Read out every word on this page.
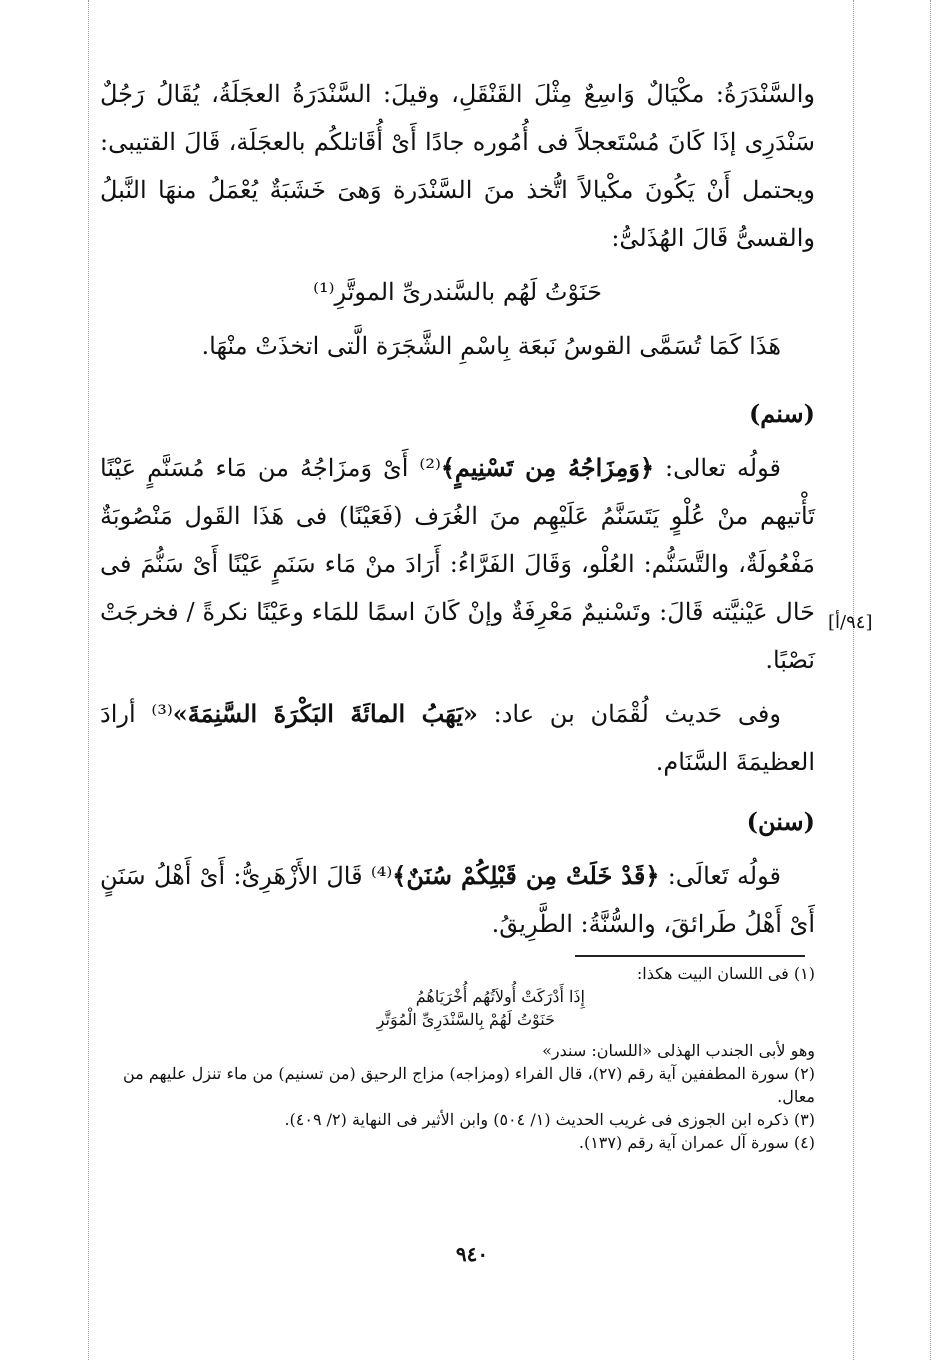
والسَّنْدَرَةُ: مكْيَالٌ وَاسِعٌ مِثْلَ القَنْقَلِ، وقيلَ: السَّنْدَرَةُ العجَلَةُ، يُقَالُ رَجُلٌ سَنْدَرِى إذَا كَانَ مُسْتَعجلاً فى أُمُوره جادًا أَىْ أُقَاتلكُم بالعجَلَة، قَالَ القتيبى: ويحتمل أَنْ يَكُونَ مكْيالاً اتُّخذ منَ السَّنْدَرة وَهىَ خَشَبَةٌ يُعْمَلُ منهَا النَّبلُ والقسىُّ قَالَ الهُذَلىُّ:

حَنَوْتُ لَهُم بالسَّندرىِّ الموتَّرِ⁽¹⁾

هَذَا كَمَا تُسَمَّى القوسُ نَبعَة بِاسْمِ الشَّجَرَة الَّتى اتخذَتْ منْهَا.

(سنم)

قولُه تعالى: ﴿وَمِزَاجُهُ مِن تَسْنِيمٍ﴾⁽²⁾ أَىْ وَمزَاجُهُ من مَاء مُسَنَّمٍ عَيْنًا تَأْتيهم منْ عُلْوٍ يَتَسَنَّمُ عَلَيْهِم منَ الغُرَف (فَعَيْنًا) فى هَذَا القَول مَنْصُوبَةٌ مَفْعُولَةٌ، والتَّسَنُّم: العُلْو، وَقَالَ الفَرَّاءُ: أَرَادَ منْ مَاء سَنَمٍ عَيْنًا أَىْ سَنُّمَ فى حَال عَيْنيَّته قَالَ: وتَسْنيمٌ مَعْرِفَةٌ وإنْ كَانَ اسمًا للمَاء وعَيْنًا نكرةً / فخرجَتْ نَصْبًا.

وفى حَديث لُقْمَان بن عاد: «يَهَبُ المائَةَ البَكْرَةَ السَّنِمَةَ»⁽³⁾ أرادَ العظيمَةَ السَّنَام.

(سنن)

قولُه تَعالَى: ﴿قَدْ خَلَتْ مِن قَبْلِكُمْ سُنَنٌ﴾⁽⁴⁾ قَالَ الأَزْهَرِىُّ: أَىْ أَهْلُ سَنَنٍ أَىْ أَهْلُ طَرائقَ، والسُّنَّةُ: الطَّرِيقُ.

[٩٤/أ]
(١) فى اللسان البيت هكذا:
إِذَا أَدْرَكَتْ أُولاَتُهُم أُخْرَيَاهُمُ
حَنَوْتُ لَهُمْ بِالسَّنْدَرِىِّ الْمُوَتَّرِ
وهو لأبى الجندب الهذلى «اللسان: سندر»
(٢) سورة المطففين آية رقم (٢٧)، قال الفراء (ومزاجه) مزاج الرحيق (من تسنيم) من ماء تنزل عليهم من معال.
(٣) ذكره ابن الجوزى فى غريب الحديث (١/ ٥٠٤) وابن الأثير فى النهاية (٢/ ٤٠٩).
(٤) سورة آل عمران آية رقم (١٣٧).
٩٤٠
